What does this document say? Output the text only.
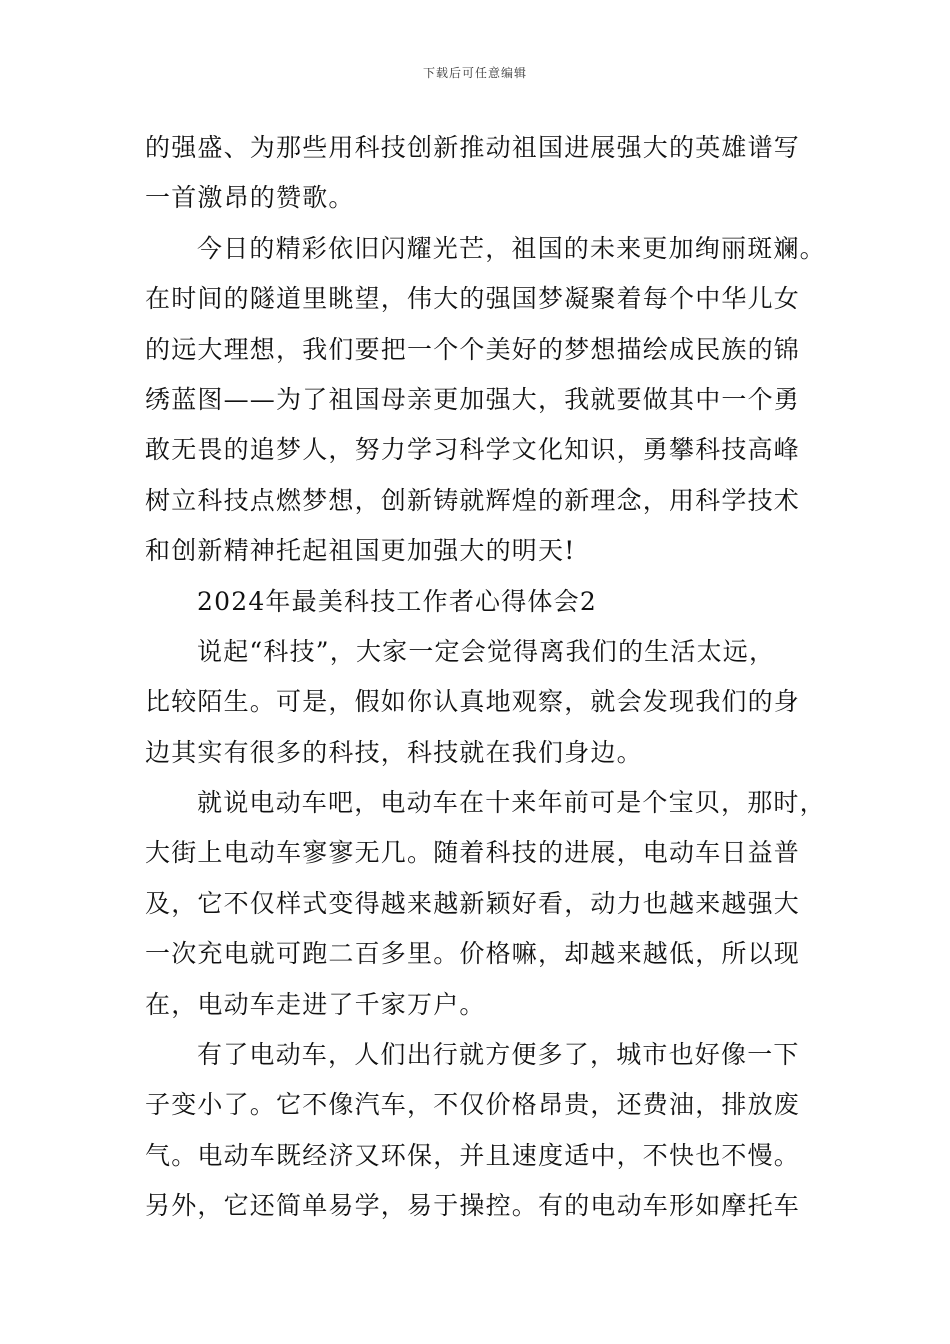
下载后可任意编辑
的强盛、为那些用科技创新推动祖国进展强大的英雄谱写
一首激昂的赞歌。
今日的精彩依旧闪耀光芒，祖国的未来更加绚丽斑斓。
在时间的隧道里眺望，伟大的强国梦凝聚着每个中华儿女
的远大理想，我们要把一个个美好的梦想描绘成民族的锦
绣蓝图——为了祖国母亲更加强大，我就要做其中一个勇
敢无畏的追梦人，努力学习科学文化知识，勇攀科技高峰
树立科技点燃梦想，创新铸就辉煌的新理念，用科学技术
和创新精神托起祖国更加强大的明天!
2024年最美科技工作者心得体会2
说起“科技”，大家一定会觉得离我们的生活太远，
比较陌生。可是，假如你认真地观察，就会发现我们的身
边其实有很多的科技，科技就在我们身边。
就说电动车吧，电动车在十来年前可是个宝贝，那时，
大街上电动车寥寥无几。随着科技的进展，电动车日益普
及，它不仅样式变得越来越新颖好看，动力也越来越强大
一次充电就可跑二百多里。价格嘛，却越来越低，所以现
在，电动车走进了千家万户。
有了电动车，人们出行就方便多了，城市也好像一下
子变小了。它不像汽车，不仅价格昂贵，还费油，排放废
气。电动车既经济又环保，并且速度适中，不快也不慢。
另外，它还简单易学，易于操控。有的电动车形如摩托车
